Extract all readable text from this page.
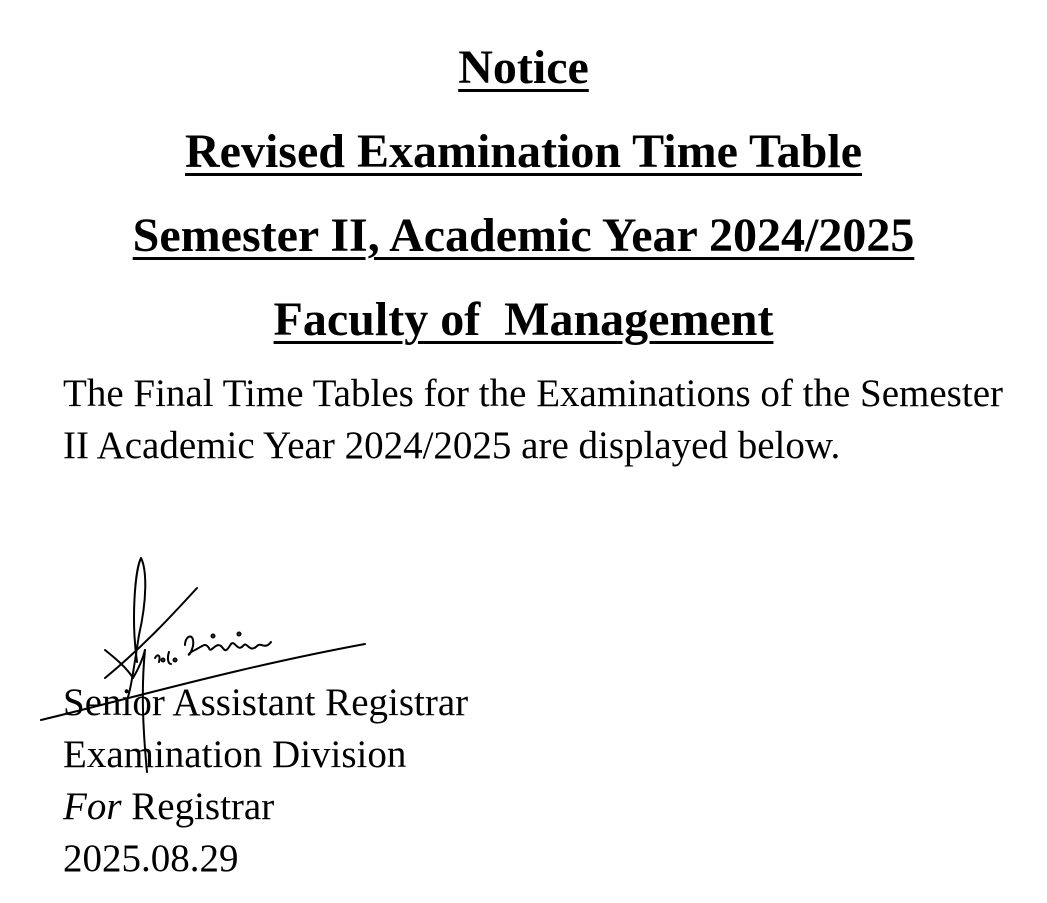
Notice
Revised Examination Time Table
Semester II, Academic Year 2024/2025
Faculty of  Management

The Final Time Tables for the Examinations of the Semester II Academic Year 2024/2025 are displayed below.

Senior Assistant Registrar
Examination Division
For Registrar
2025.08.29
